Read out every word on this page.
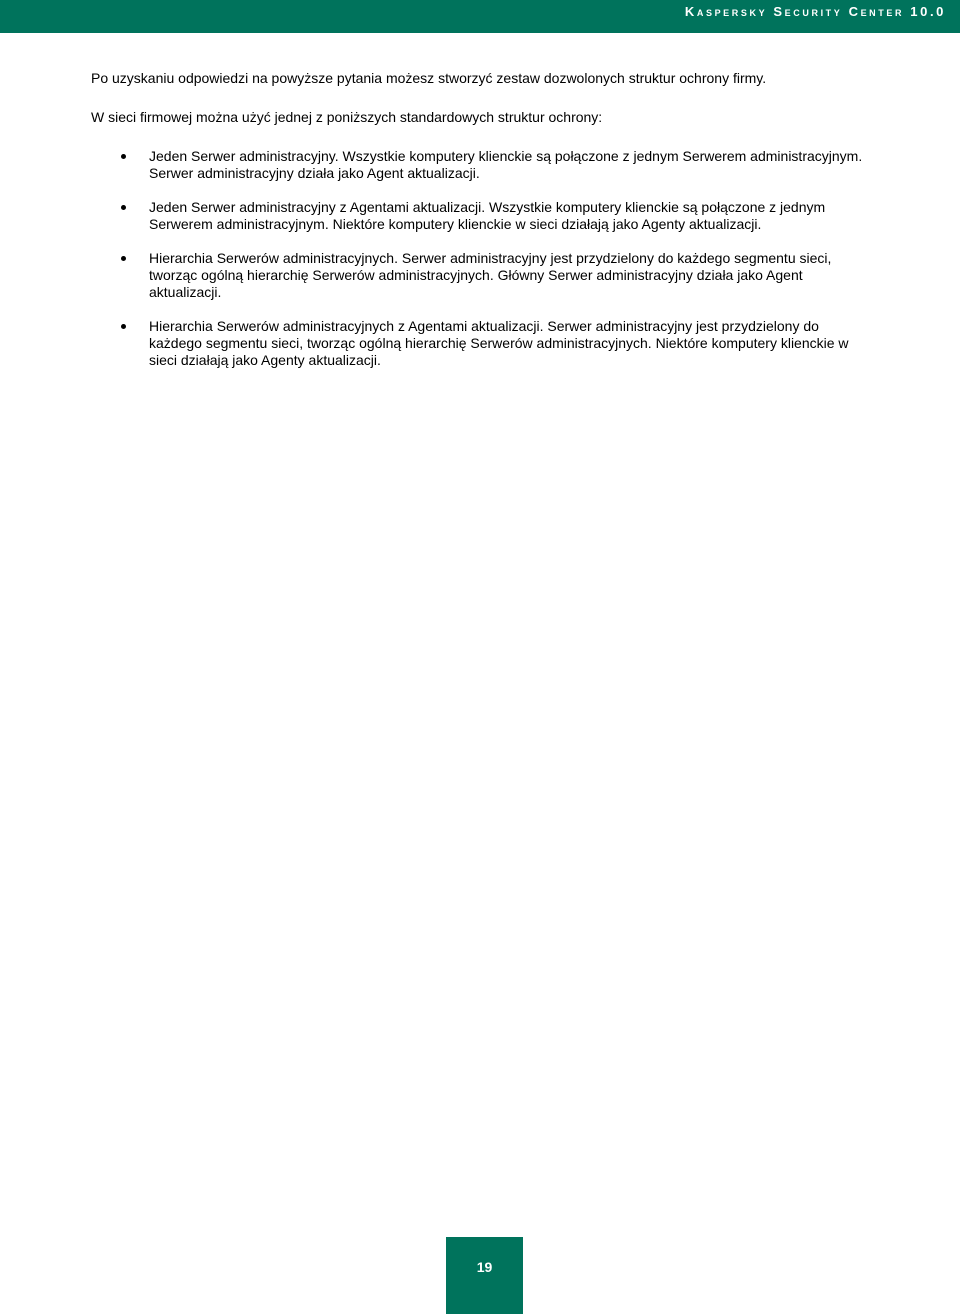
Kaspersky Security Center 10.0

Po uzyskaniu odpowiedzi na powyższe pytania możesz stworzyć zestaw dozwolonych struktur ochrony firmy.

W sieci firmowej można użyć jednej z poniższych standardowych struktur ochrony:

Jeden Serwer administracyjny. Wszystkie komputery klienckie są połączone z jednym Serwerem administracyjnym. Serwer administracyjny działa jako Agent aktualizacji.
Jeden Serwer administracyjny z Agentami aktualizacji. Wszystkie komputery klienckie są połączone z jednym Serwerem administracyjnym. Niektóre komputery klienckie w sieci działają jako Agenty aktualizacji.
Hierarchia Serwerów administracyjnych. Serwer administracyjny jest przydzielony do każdego segmentu sieci, tworząc ogólną hierarchię Serwerów administracyjnych. Główny Serwer administracyjny działa jako Agent aktualizacji.
Hierarchia Serwerów administracyjnych z Agentami aktualizacji. Serwer administracyjny jest przydzielony do każdego segmentu sieci, tworząc ogólną hierarchię Serwerów administracyjnych. Niektóre komputery klienckie w sieci działają jako Agenty aktualizacji.
19
